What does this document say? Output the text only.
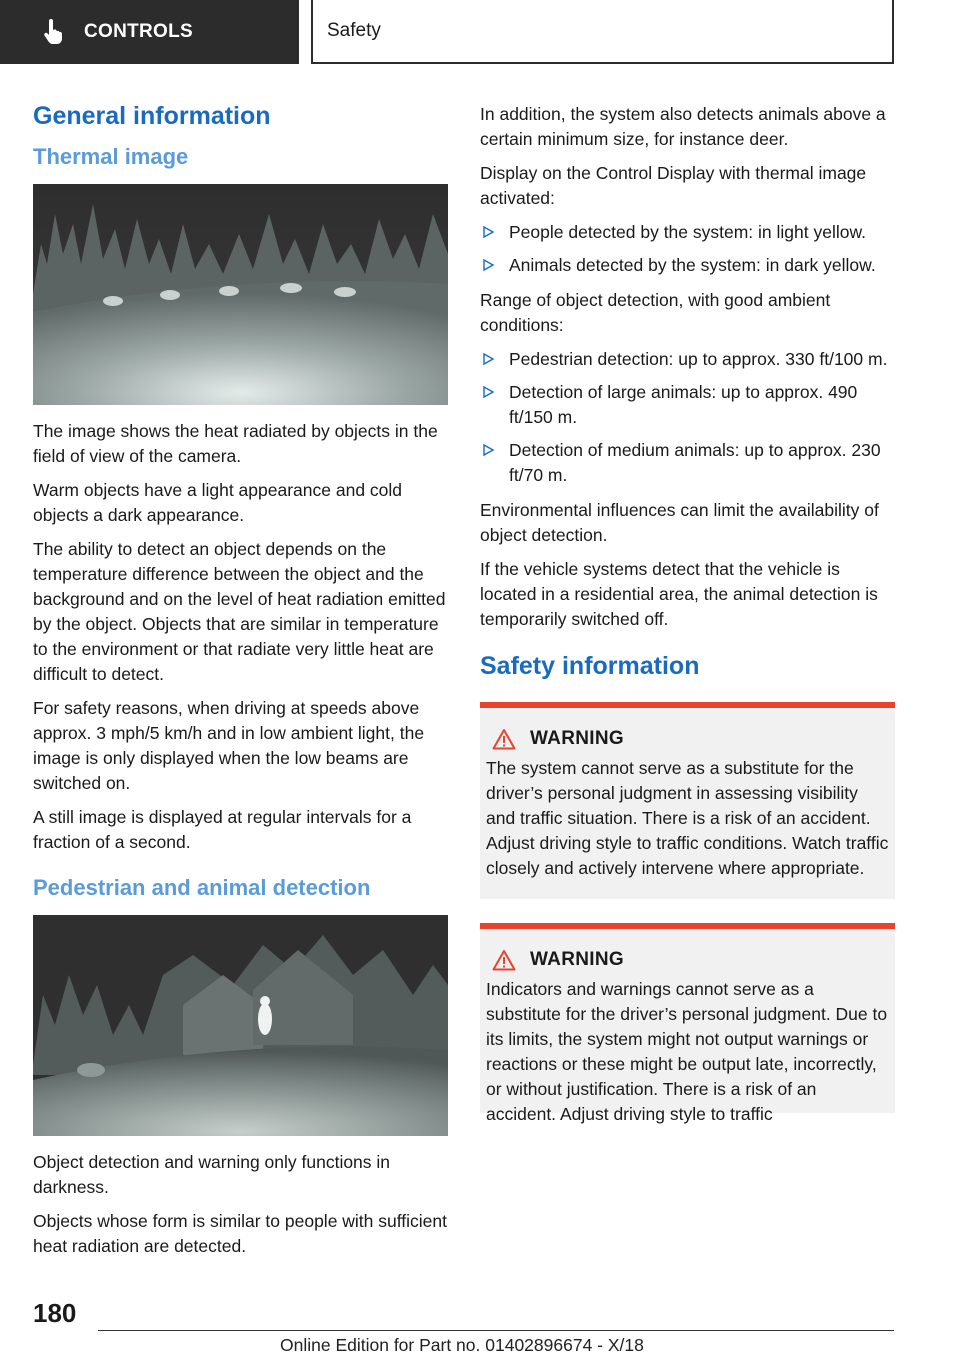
CONTROLS	Safety
General information
Thermal image

The image shows the heat radiated by objects in the field of view of the camera.

Warm objects have a light appearance and cold objects a dark appearance.

The ability to detect an object depends on the temperature difference between the object and the background and on the level of heat radiation emitted by the object. Objects that are similar in temperature to the environment or that radiate very little heat are difficult to detect.

For safety reasons, when driving at speeds above approx. 3 mph/5 km/h and in low ambient light, the image is only displayed when the low beams are switched on.

A still image is displayed at regular intervals for a fraction of a second.

Pedestrian and animal detection

Object detection and warning only functions in darkness.

Objects whose form is similar to people with sufficient heat radiation are detected.

In addition, the system also detects animals above a certain minimum size, for instance deer.

Display on the Control Display with thermal image activated:

People detected by the system: in light yellow.
Animals detected by the system: in dark yellow.

Range of object detection, with good ambient conditions:

Pedestrian detection: up to approx. 330 ft/100 m.
Detection of large animals: up to approx. 490 ft/150 m.
Detection of medium animals: up to approx. 230 ft/70 m.

Environmental influences can limit the availability of object detection.

If the vehicle systems detect that the vehicle is located in a residential area, the animal detection is temporarily switched off.

Safety information
WARNING

The system cannot serve as a substitute for the driver’s personal judgment in assessing visibility and traffic situation. There is a risk of an accident. Adjust driving style to traffic conditions. Watch traffic closely and actively intervene where appropriate.

WARNING

Indicators and warnings cannot serve as a substitute for the driver’s personal judgment. Due to its limits, the system might not output warnings or reactions or these might be output late, incorrectly, or without justification. There is a risk of an accident. Adjust driving style to traffic

180
Online Edition for Part no. 01402896674 - X/18
